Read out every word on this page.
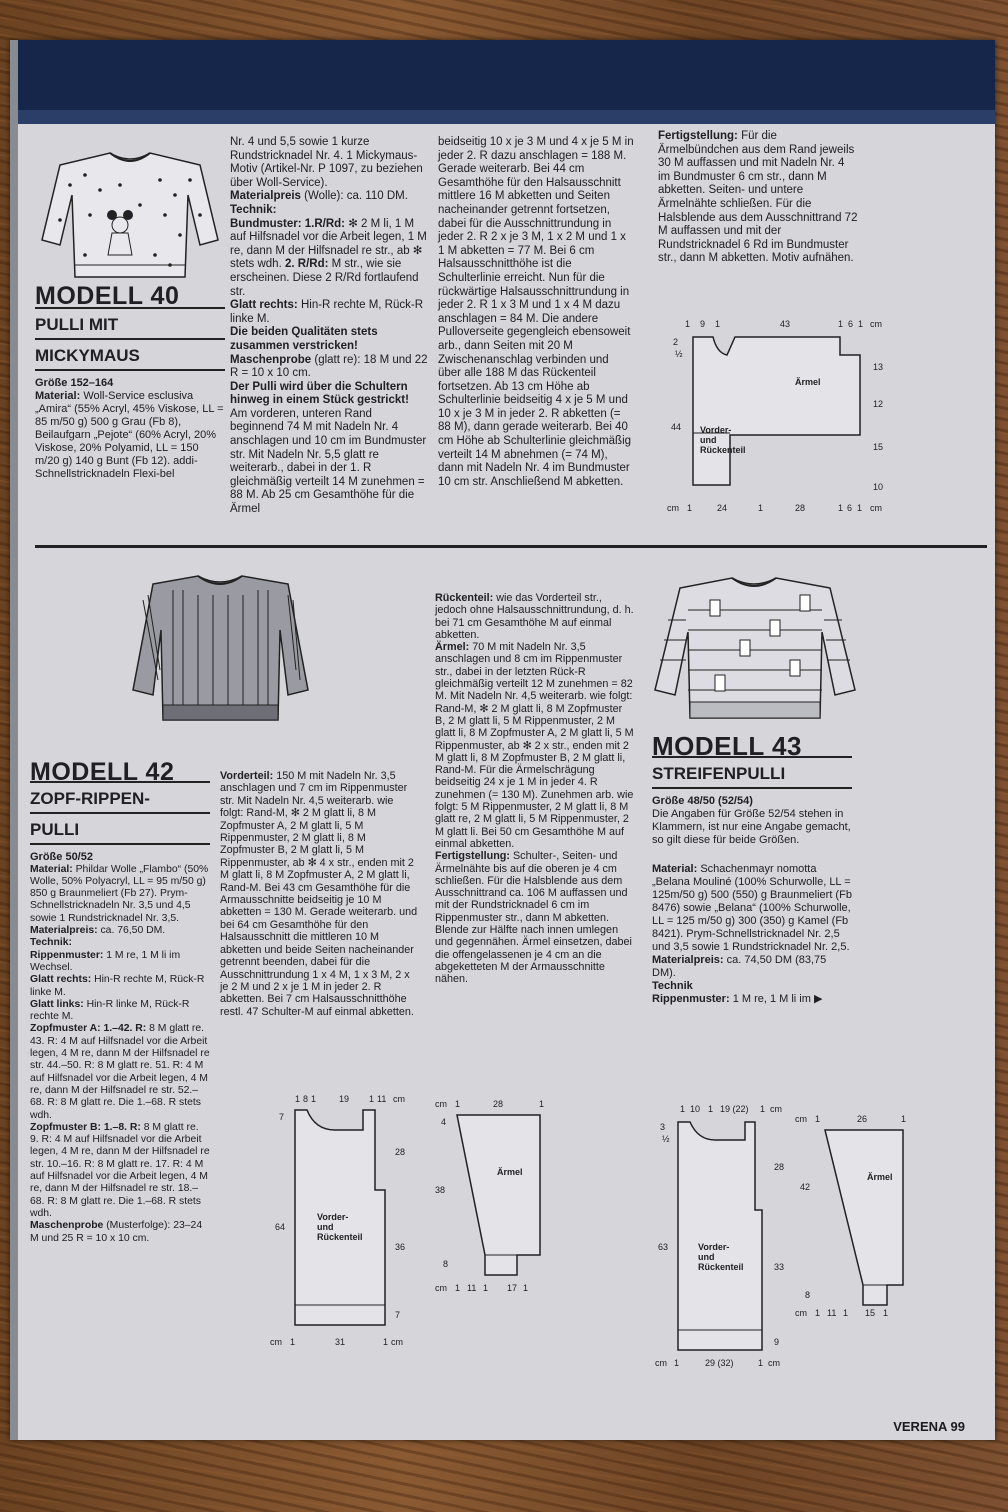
MODELL 40

PULLI MIT

MICKYMAUS

Größe 152–164

Material: Woll-Service esclusiva „Amira“ (55% Acryl, 45% Viskose, LL = 85 m/50 g) 500 g Grau (Fb 8), Beilaufgarn „Pejote“ (60% Acryl, 20% Viskose, 20% Polyamid, LL = 150 m/20 g) 140 g Bunt (Fb 12). addi-Schnellstricknadeln Flexi-bel

Nr. 4 und 5,5 sowie 1 kurze Rundstricknadel Nr. 4. 1 Mickymaus-Motiv (Artikel-Nr. P 1097, zu beziehen über Woll-Service).

Materialpreis (Wolle): ca. 110 DM.

Technik:

Bundmuster: 1.R/Rd: ✻ 2 M li, 1 M auf Hilfsnadel vor die Arbeit legen, 1 M re, dann M der Hilfsnadel re str., ab ✻ stets wdh. 2. R/Rd: M str., wie sie erscheinen. Diese 2 R/Rd fortlaufend str.

Glatt rechts: Hin-R rechte M, Rück-R linke M.

Die beiden Qualitäten stets zusammen verstricken!

Maschenprobe (glatt re): 18 M und 22 R = 10 x 10 cm.

Der Pulli wird über die Schultern hinweg in einem Stück gestrickt!

Am vorderen, unteren Rand beginnend 74 M mit Nadeln Nr. 4 anschlagen und 10 cm im Bundmuster str. Mit Nadeln Nr. 5,5 glatt re weiterarb., dabei in der 1. R gleichmäßig verteilt 14 M zunehmen = 88 M. Ab 25 cm Gesamthöhe für die Ärmel

beidseitig 10 x je 3 M und 4 x je 5 M in jeder 2. R dazu anschlagen = 188 M. Gerade weiterarb. Bei 44 cm Gesamthöhe für den Halsausschnitt mittlere 16 M abketten und Seiten nacheinander getrennt fortsetzen, dabei für die Ausschnittrundung in jeder 2. R 2 x je 3 M, 1 x 2 M und 1 x 1 M abketten = 77 M. Bei 6 cm Halsausschnitthöhe ist die Schulterlinie erreicht. Nun für die rückwärtige Halsausschnittrundung in jeder 2. R 1 x 3 M und 1 x 4 M dazu anschlagen = 84 M. Die andere Pulloverseite gegengleich ebensoweit arb., dann Seiten mit 20 M Zwischenanschlag verbinden und über alle 188 M das Rückenteil fortsetzen. Ab 13 cm Höhe ab Schulterlinie beidseitig 4 x je 5 M und 10 x je 3 M in jeder 2. R abketten (= 88 M), dann gerade weiterarb. Bei 40 cm Höhe ab Schulterlinie gleichmäßig verteilt 14 M abnehmen (= 74 M), dann mit Nadeln Nr. 4 im Bundmuster 10 cm str. Anschließend M abketten.

Fertigstellung: Für die Ärmelbündchen aus dem Rand jeweils 30 M auffassen und mit Nadeln Nr. 4 im Bundmuster 6 cm str., dann M abketten. Seiten- und untere Ärmelnähte schließen. Für die Halsblende aus dem Ausschnittrand 72 M auffassen und mit der Rundstricknadel 6 Rd im Bundmuster str., dann M abketten. Motiv aufnähen.

1 9 1	43	1 6 1 cm
2
½
44
13
12
15
10
cm 1	24	1	28	1 6 1 cm
Ärmel
Vorder-
und
Rückenteil

MODELL 42

ZOPF-RIPPEN-

PULLI

Größe 50/52

Material: Phildar Wolle „Flambo“ (50% Wolle, 50% Polyacryl, LL = 95 m/50 g) 850 g Braunmeliert (Fb 27). Prym-Schnellstricknadeln Nr. 3,5 und 4,5 sowie 1 Rundstricknadel Nr. 3,5.

Materialpreis: ca. 76,50 DM.

Technik:

Rippenmuster: 1 M re, 1 M li im Wechsel.

Glatt rechts: Hin-R rechte M, Rück-R linke M.

Glatt links: Hin-R linke M, Rück-R rechte M.

Zopfmuster A: 1.–42. R: 8 M glatt re. 43. R: 4 M auf Hilfsnadel vor die Arbeit legen, 4 M re, dann M der Hilfsnadel re str. 44.–50. R: 8 M glatt re. 51. R: 4 M auf Hilfsnadel vor die Arbeit legen, 4 M re, dann M der Hilfsnadel re str. 52.–68. R: 8 M glatt re. Die 1.–68. R stets wdh.

Zopfmuster B: 1.–8. R: 8 M glatt re. 9. R: 4 M auf Hilfsnadel vor die Arbeit legen, 4 M re, dann M der Hilfsnadel re str. 10.–16. R: 8 M glatt re. 17. R: 4 M auf Hilfsnadel vor die Arbeit legen, 4 M re, dann M der Hilfsnadel re str. 18.–68. R: 8 M glatt re. Die 1.–68. R stets wdh.

Maschenprobe (Musterfolge): 23–24 M und 25 R = 10 x 10 cm.

Vorderteil: 150 M mit Nadeln Nr. 3,5 anschlagen und 7 cm im Rippenmuster str. Mit Nadeln Nr. 4,5 weiterarb. wie folgt: Rand-M, ✻ 2 M glatt li, 8 M Zopfmuster A, 2 M glatt li, 5 M Rippenmuster, 2 M glatt li, 8 M Zopfmuster B, 2 M glatt li, 5 M Rippenmuster, ab ✻ 4 x str., enden mit 2 M glatt li, 8 M Zopfmuster A, 2 M glatt li, Rand-M. Bei 43 cm Gesamthöhe für die Armausschnitte beidseitig je 10 M abketten = 130 M. Gerade weiterarb. und bei 64 cm Gesamthöhe für den Halsausschnitt die mittleren 10 M abketten und beide Seiten nacheinander getrennt beenden, dabei für die Ausschnittrundung 1 x 4 M, 1 x 3 M, 2 x je 2 M und 2 x je 1 M in jeder 2. R abketten. Bei 7 cm Halsausschnitthöhe restl. 47 Schulter-M auf einmal abketten.

Rückenteil: wie das Vorderteil str., jedoch ohne Halsausschnittrundung, d. h. bei 71 cm Gesamthöhe M auf einmal abketten.

Ärmel: 70 M mit Nadeln Nr. 3,5 anschlagen und 8 cm im Rippenmuster str., dabei in der letzten Rück-R gleichmäßig verteilt 12 M zunehmen = 82 M. Mit Nadeln Nr. 4,5 weiterarb. wie folgt: Rand-M, ✻ 2 M glatt li, 8 M Zopfmuster B, 2 M glatt li, 5 M Rippenmuster, 2 M glatt li, 8 M Zopfmuster A, 2 M glatt li, 5 M Rippenmuster, ab ✻ 2 x str., enden mit 2 M glatt li, 8 M Zopfmuster B, 2 M glatt li, Rand-M. Für die Ärmelschrägung beidseitig 24 x je 1 M in jeder 4. R zunehmen (= 130 M). Zunehmen arb. wie folgt: 5 M Rippenmuster, 2 M glatt li, 8 M glatt re, 2 M glatt li, 5 M Rippenmuster, 2 M glatt li. Bei 50 cm Gesamthöhe M auf einmal abketten.

Fertigstellung: Schulter-, Seiten- und Ärmelnähte bis auf die oberen je 4 cm schließen. Für die Halsblende aus dem Ausschnittrand ca. 106 M auffassen und mit der Rundstricknadel 6 cm im Rippenmuster str., dann M abketten. Blende zur Hälfte nach innen umlegen und gegennähen. Ärmel einsetzen, dabei die offengelassenen je 4 cm an die abgeketteten M der Armausschnitte nähen.

1 8 1	19 1 11 cm
7
64
28
36
7
cm 1	31	1 cm
Vorder-
und
Rückenteil
cm 1	28	1
4
38
8
cm 1 11 1 17 1
Ärmel

MODELL 43

STREIFENPULLI

Größe 48/50 (52/54)

Die Angaben für Größe 52/54 stehen in Klammern, ist nur eine Angabe gemacht, so gilt diese für beide Größen.

Material: Schachenmayr nomotta „Belana Mouliné (100% Schurwolle, LL = 125m/50 g) 500 (550) g Braunmeliert (Fb 8476) sowie „Belana“ (100% Schurwolle, LL = 125 m/50 g) 300 (350) g Kamel (Fb 8421). Prym-Schnellstricknadel Nr. 2,5 und 3,5 sowie 1 Rundstricknadel Nr. 2,5.

Materialpreis: ca. 74,50 DM (83,75 DM).

Technik

Rippenmuster: 1 M re, 1 M li im ▶

1 10 1 19 (22) 1 cm
3
½
63
28
33
9
cm 1	29 (32)	1 cm
Vorder-
und
Rückenteil
cm 1	26	1
42
8
cm 1 11 1 15 1
Ärmel
VERENA 99
